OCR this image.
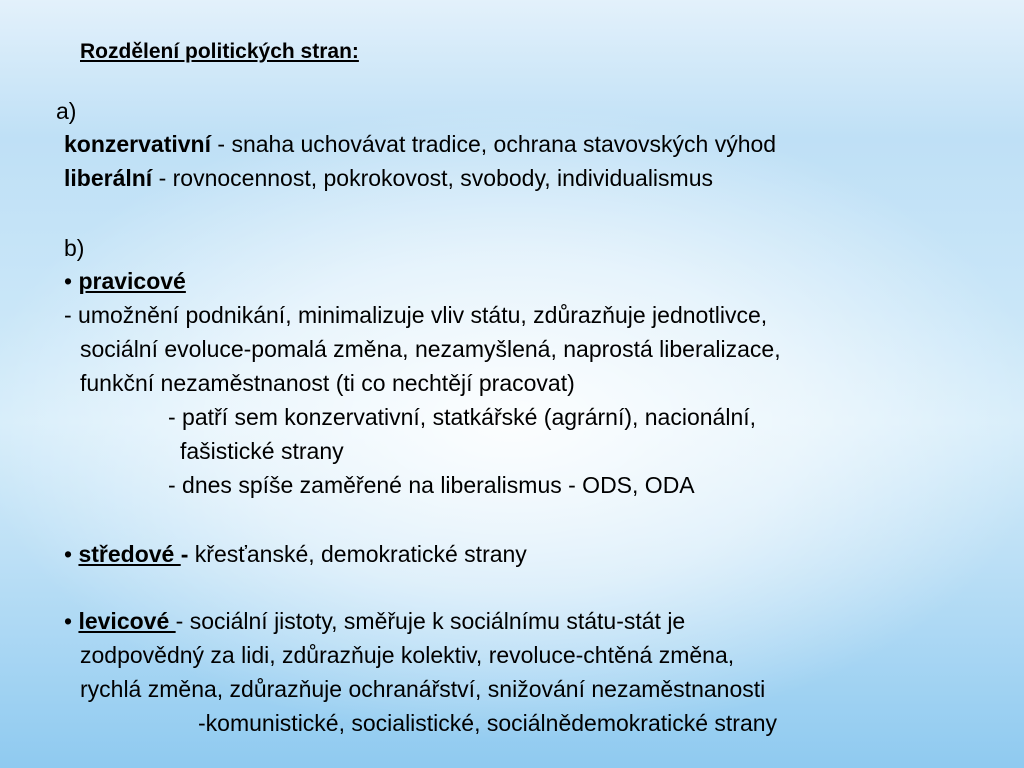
Rozdělení politických stran:
a)
konzervativní - snaha uchovávat tradice, ochrana stavovských výhod
liberální - rovnocennost, pokrokovost, svobody, individualismus
b)
• pravicové
- umožnění podnikání, minimalizuje vliv státu, zdůrazňuje jednotlivce,
sociální evoluce-pomalá změna, nezamyšlená, naprostá liberalizace,
funkční nezaměstnanost (ti co nechtějí pracovat)
- patří sem konzervativní, statkářské (agrární), nacionální,
fašistické strany
- dnes spíše zaměřené na liberalismus - ODS, ODA
• středové - křesťanské, demokratické strany
• levicové - sociální jistoty, směřuje k sociálnímu státu-stát je
zodpovědný za lidi, zdůrazňuje kolektiv, revoluce-chtěná změna,
rychlá změna, zdůrazňuje ochranářství, snižování nezaměstnanosti
-komunistické, socialistické, sociálnědemokratické strany
